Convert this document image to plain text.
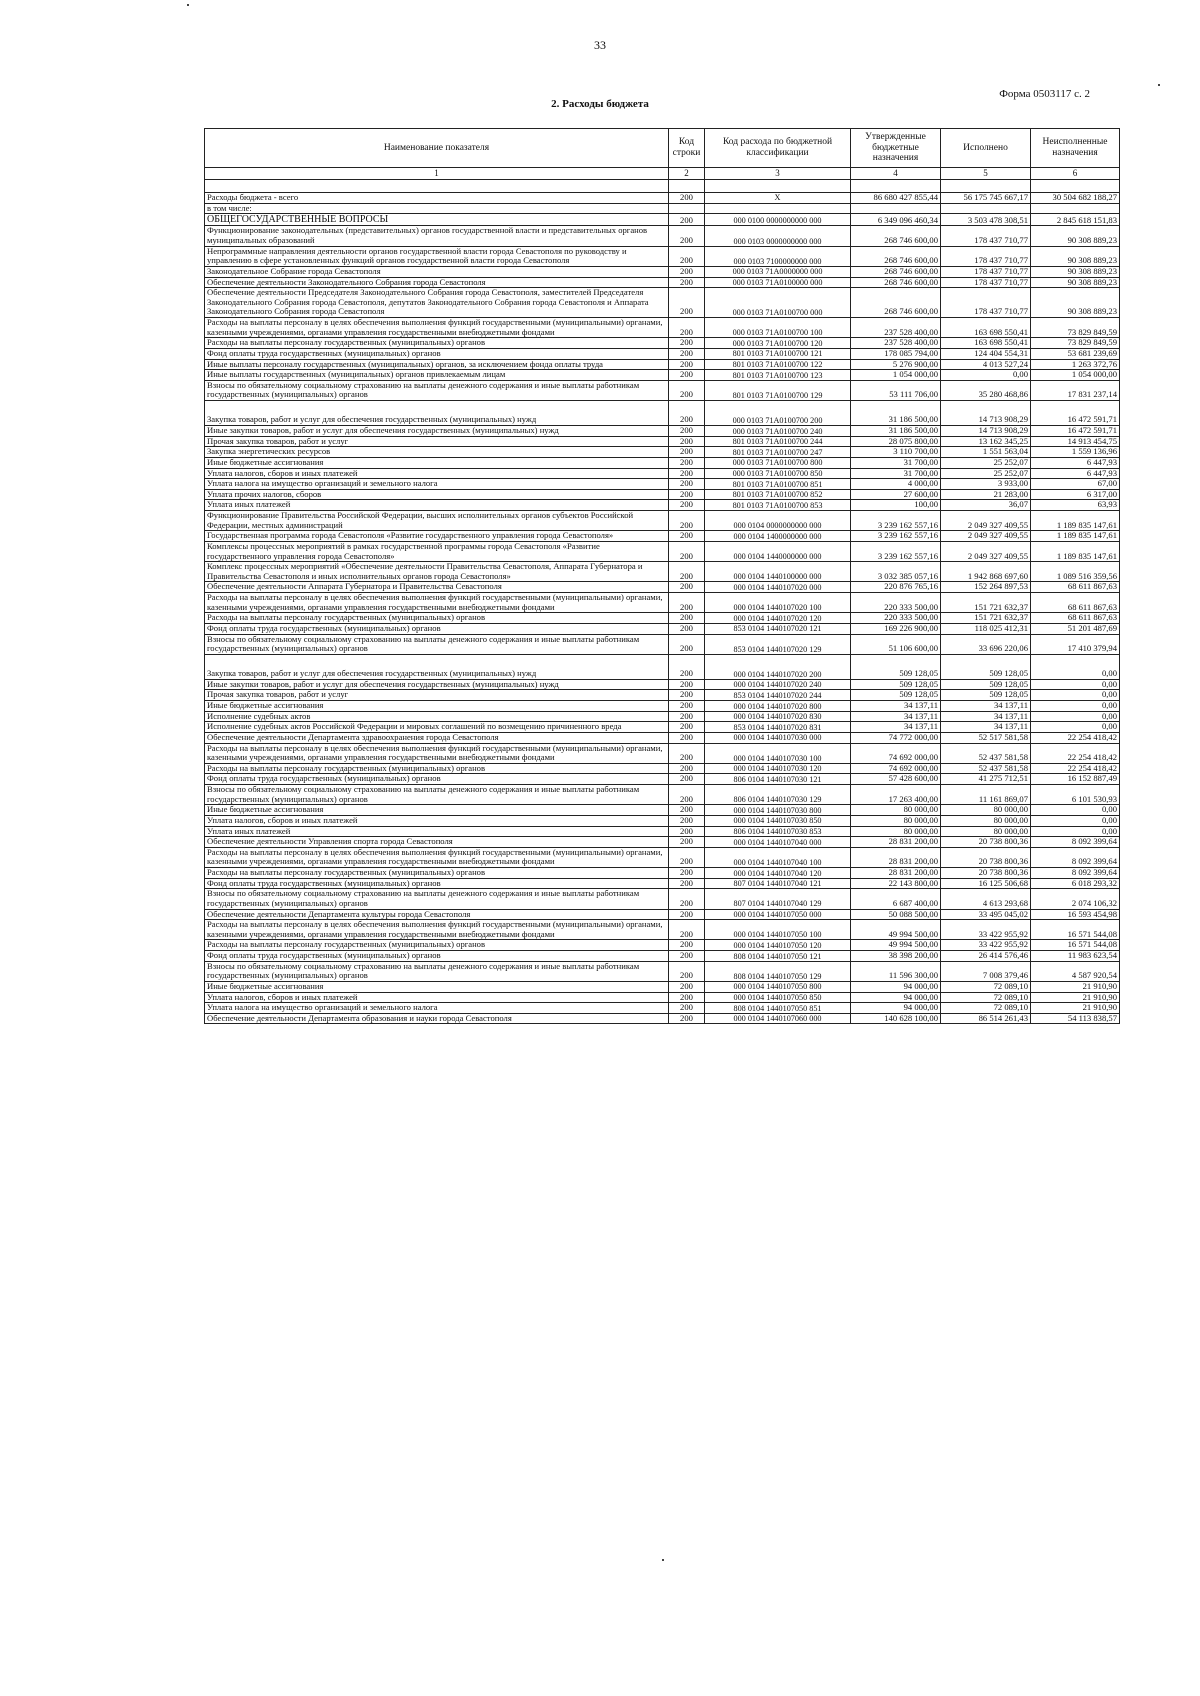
33
Форма 0503117 с. 2
2. Расходы бюджета
Наименование показателя	Код строки	Код расхода по бюджетной классификации	Утвержденные бюджетные назначения	Исполнено	Неисполненные назначения
1	2	3	4	5	6

Расходы бюджета - всего	200	X	86 680 427 855,44	56 175 745 667,17	30 504 682 188,27
в том числе:					
ОБЩЕГОСУДАРСТВЕННЫЕ ВОПРОСЫ	200	000 0100 0000000000 000	6 349 096 460,34	3 503 478 308,51	2 845 618 151,83
Функционирование законодательных (представительных) органов государственной власти и представительных органов муниципальных образований	200	000 0103 0000000000 000	268 746 600,00	178 437 710,77	90 308 889,23
Непрограммные направления деятельности органов государственной власти города Севастополя по руководству и управлению в сфере установленных функций органов государственной власти города Севастополя	200	000 0103 7100000000 000	268 746 600,00	178 437 710,77	90 308 889,23
Законодательное Собрание города Севастополя	200	000 0103 71А0000000 000	268 746 600,00	178 437 710,77	90 308 889,23
Обеспечение деятельности Законодательного Собрания города Севастополя	200	000 0103 71А0100000 000	268 746 600,00	178 437 710,77	90 308 889,23
Обеспечение деятельности Председателя Законодательного Собрания города Севастополя, заместителей Председателя Законодательного Собрания города Севастополя, депутатов Законодательного Собрания города Севастополя и Аппарата Законодательного Собрания города Севастополя	200	000 0103 71А0100700 000	268 746 600,00	178 437 710,77	90 308 889,23
Расходы на выплаты персоналу в целях обеспечения выполнения функций государственными (муниципальными) органами, казенными учреждениями, органами управления государственными внебюджетными фондами	200	000 0103 71А0100700 100	237 528 400,00	163 698 550,41	73 829 849,59
Расходы на выплаты персоналу государственных (муниципальных) органов	200	000 0103 71А0100700 120	237 528 400,00	163 698 550,41	73 829 849,59
Фонд оплаты труда государственных (муниципальных) органов	200	801 0103 71А0100700 121	178 085 794,00	124 404 554,31	53 681 239,69
Иные выплаты персоналу государственных (муниципальных) органов, за исключением фонда оплаты труда	200	801 0103 71А0100700 122	5 276 900,00	4 013 527,24	1 263 372,76
Иные выплаты государственных (муниципальных) органов привлекаемым лицам	200	801 0103 71А0100700 123	1 054 000,00	0,00	1 054 000,00
Взносы по обязательному социальному страхованию на выплаты денежного содержания и иные выплаты работникам государственных (муниципальных) органов	200	801 0103 71А0100700 129	53 111 706,00	35 280 468,86	17 831 237,14
Закупка товаров, работ и услуг для обеспечения государственных (муниципальных) нужд	200	000 0103 71А0100700 200	31 186 500,00	14 713 908,29	16 472 591,71
Иные закупки товаров, работ и услуг для обеспечения государственных (муниципальных) нужд	200	000 0103 71А0100700 240	31 186 500,00	14 713 908,29	16 472 591,71
Прочая закупка товаров, работ и услуг	200	801 0103 71А0100700 244	28 075 800,00	13 162 345,25	14 913 454,75
Закупка энергетических ресурсов	200	801 0103 71А0100700 247	3 110 700,00	1 551 563,04	1 559 136,96
Иные бюджетные ассигнования	200	000 0103 71А0100700 800	31 700,00	25 252,07	6 447,93
Уплата налогов, сборов и иных платежей	200	000 0103 71А0100700 850	31 700,00	25 252,07	6 447,93
Уплата налога на имущество организаций и земельного налога	200	801 0103 71А0100700 851	4 000,00	3 933,00	67,00
Уплата прочих налогов, сборов	200	801 0103 71А0100700 852	27 600,00	21 283,00	6 317,00
Уплата иных платежей	200	801 0103 71А0100700 853	100,00	36,07	63,93
Функционирование Правительства Российской Федерации, высших исполнительных органов субъектов Российской Федерации, местных администраций	200	000 0104 0000000000 000	3 239 162 557,16	2 049 327 409,55	1 189 835 147,61
Государственная программа города Севастополя «Развитие государственного управления города Севастополя»	200	000 0104 1400000000 000	3 239 162 557,16	2 049 327 409,55	1 189 835 147,61
Комплексы процессных мероприятий в рамках государственной программы города Севастополя «Развитие государственного управления города Севастополя»	200	000 0104 1440000000 000	3 239 162 557,16	2 049 327 409,55	1 189 835 147,61
Комплекс процессных мероприятий «Обеспечение деятельности Правительства Севастополя, Аппарата Губернатора и Правительства Севастополя и иных исполнительных органов города Севастополя»	200	000 0104 1440100000 000	3 032 385 057,16	1 942 868 697,60	1 089 516 359,56
Обеспечение деятельности Аппарата Губернатора и Правительства Севастополя	200	000 0104 1440107020 000	220 876 765,16	152 264 897,53	68 611 867,63
Расходы на выплаты персоналу в целях обеспечения выполнения функций государственными (муниципальными) органами, казенными учреждениями, органами управления государственными внебюджетными фондами	200	000 0104 1440107020 100	220 333 500,00	151 721 632,37	68 611 867,63
Расходы на выплаты персоналу государственных (муниципальных) органов	200	000 0104 1440107020 120	220 333 500,00	151 721 632,37	68 611 867,63
Фонд оплаты труда государственных (муниципальных) органов	200	853 0104 1440107020 121	169 226 900,00	118 025 412,31	51 201 487,69
Взносы по обязательному социальному страхованию на выплаты денежного содержания и иные выплаты работникам государственных (муниципальных) органов	200	853 0104 1440107020 129	51 106 600,00	33 696 220,06	17 410 379,94
Закупка товаров, работ и услуг для обеспечения государственных (муниципальных) нужд	200	000 0104 1440107020 200	509 128,05	509 128,05	0,00
Иные закупки товаров, работ и услуг для обеспечения государственных (муниципальных) нужд	200	000 0104 1440107020 240	509 128,05	509 128,05	0,00
Прочая закупка товаров, работ и услуг	200	853 0104 1440107020 244	509 128,05	509 128,05	0,00
Иные бюджетные ассигнования	200	000 0104 1440107020 800	34 137,11	34 137,11	0,00
Исполнение судебных актов	200	000 0104 1440107020 830	34 137,11	34 137,11	0,00
Исполнение судебных актов Российской Федерации и мировых соглашений по возмещению причиненного вреда	200	853 0104 1440107020 831	34 137,11	34 137,11	0,00
Обеспечение деятельности Департамента здравоохранения города Севастополя	200	000 0104 1440107030 000	74 772 000,00	52 517 581,58	22 254 418,42
Расходы на выплаты персоналу в целях обеспечения выполнения функций государственными (муниципальными) органами, казенными учреждениями, органами управления государственными внебюджетными фондами	200	000 0104 1440107030 100	74 692 000,00	52 437 581,58	22 254 418,42
Расходы на выплаты персоналу государственных (муниципальных) органов	200	000 0104 1440107030 120	74 692 000,00	52 437 581,58	22 254 418,42
Фонд оплаты труда государственных (муниципальных) органов	200	806 0104 1440107030 121	57 428 600,00	41 275 712,51	16 152 887,49
Взносы по обязательному социальному страхованию на выплаты денежного содержания и иные выплаты работникам государственных (муниципальных) органов	200	806 0104 1440107030 129	17 263 400,00	11 161 869,07	6 101 530,93
Иные бюджетные ассигнования	200	000 0104 1440107030 800	80 000,00	80 000,00	0,00
Уплата налогов, сборов и иных платежей	200	000 0104 1440107030 850	80 000,00	80 000,00	0,00
Уплата иных платежей	200	806 0104 1440107030 853	80 000,00	80 000,00	0,00
Обеспечение деятельности Управления спорта города Севастополя	200	000 0104 1440107040 000	28 831 200,00	20 738 800,36	8 092 399,64
Расходы на выплаты персоналу в целях обеспечения выполнения функций государственными (муниципальными) органами, казенными учреждениями, органами управления государственными внебюджетными фондами	200	000 0104 1440107040 100	28 831 200,00	20 738 800,36	8 092 399,64
Расходы на выплаты персоналу государственных (муниципальных) органов	200	000 0104 1440107040 120	28 831 200,00	20 738 800,36	8 092 399,64
Фонд оплаты труда государственных (муниципальных) органов	200	807 0104 1440107040 121	22 143 800,00	16 125 506,68	6 018 293,32
Взносы по обязательному социальному страхованию на выплаты денежного содержания и иные выплаты работникам государственных (муниципальных) органов	200	807 0104 1440107040 129	6 687 400,00	4 613 293,68	2 074 106,32
Обеспечение деятельности Департамента культуры города Севастополя	200	000 0104 1440107050 000	50 088 500,00	33 495 045,02	16 593 454,98
Расходы на выплаты персоналу в целях обеспечения выполнения функций государственными (муниципальными) органами, казенными учреждениями, органами управления государственными внебюджетными фондами	200	000 0104 1440107050 100	49 994 500,00	33 422 955,92	16 571 544,08
Расходы на выплаты персоналу государственных (муниципальных) органов	200	000 0104 1440107050 120	49 994 500,00	33 422 955,92	16 571 544,08
Фонд оплаты труда государственных (муниципальных) органов	200	808 0104 1440107050 121	38 398 200,00	26 414 576,46	11 983 623,54
Взносы по обязательному социальному страхованию на выплаты денежного содержания и иные выплаты работникам государственных (муниципальных) органов	200	808 0104 1440107050 129	11 596 300,00	7 008 379,46	4 587 920,54
Иные бюджетные ассигнования	200	000 0104 1440107050 800	94 000,00	72 089,10	21 910,90
Уплата налогов, сборов и иных платежей	200	000 0104 1440107050 850	94 000,00	72 089,10	21 910,90
Уплата налога на имущество организаций и земельного налога	200	808 0104 1440107050 851	94 000,00	72 089,10	21 910,90
Обеспечение деятельности Департамента образования и науки города Севастополя	200	000 0104 1440107060 000	140 628 100,00	86 514 261,43	54 113 838,57
